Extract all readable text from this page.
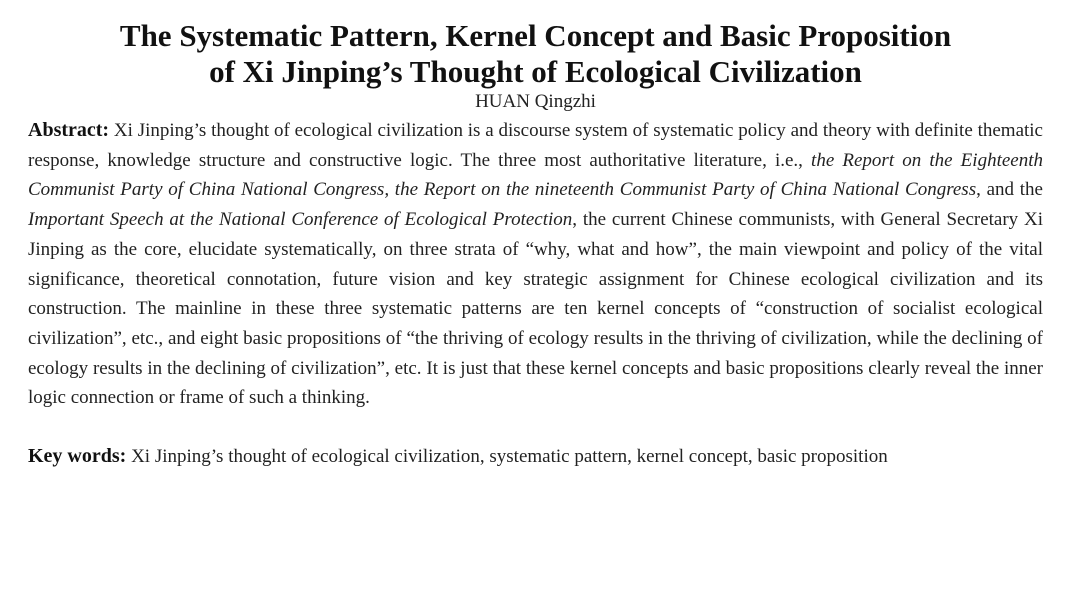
The Systematic Pattern, Kernel Concept and Basic Proposition
of Xi Jinping’s Thought of Ecological Civilization
HUAN Qingzhi

Abstract: Xi Jinping’s thought of ecological civilization is a discourse system of systematic policy and theory with definite thematic response, knowledge structure and constructive logic. The three most authoritative literature, i.e., the Report on the Eighteenth Communist Party of China National Congress, the Report on the nineteenth Communist Party of China National Congress, and the Important Speech at the National Conference of Ecological Protection, the current Chinese communists, with General Secretary Xi Jinping as the core, elucidate systematically, on three strata of “why, what and how”, the main viewpoint and policy of the vital significance, theoretical connotation, future vision and key strategic assignment for Chinese ecological civilization and its construction. The mainline in these three systematic patterns are ten kernel concepts of “construction of socialist ecological civilization”, etc., and eight basic propositions of “the thriving of ecology results in the thriving of civilization, while the declining of ecology results in the declining of civilization”, etc. It is just that these kernel concepts and basic propositions clearly reveal the inner logic connection or frame of such a thinking.

Key words: Xi Jinping’s thought of ecological civilization, systematic pattern, kernel concept, basic proposition
